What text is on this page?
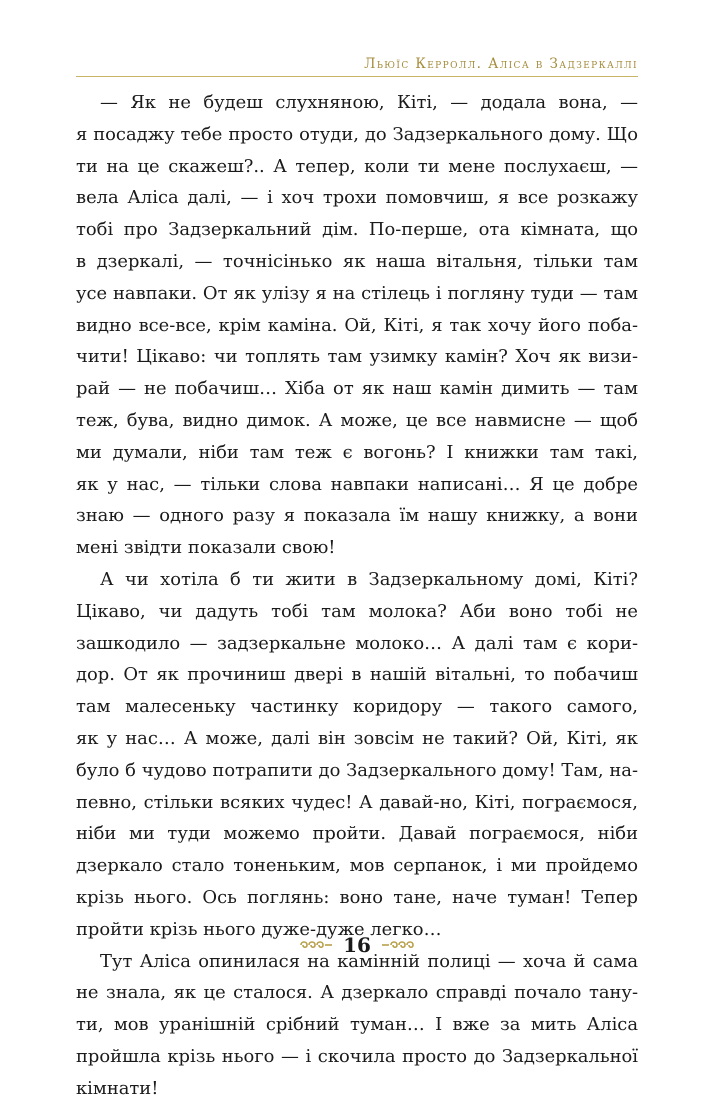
Льюїс Керролл. Аліса в Задзеркаллі
— Як не будеш слухняною, Кіті, — додала вона, —
я посаджу тебе просто отуди, до Задзеркального дому. Що
ти на це скажеш?.. А тепер, коли ти мене послухаєш, —
вела Аліса далі, — і хоч трохи помовчиш, я все розкажу
тобі про Задзеркальний дім. По-перше, ота кімната, що
в дзеркалі, — точнісінько як наша вітальня, тільки там
усе навпаки. От як улізу я на стілець і погляну туди — там
видно все-все, крім каміна. Ой, Кіті, я так хочу його поба-
чити! Цікаво: чи топлять там узимку камін? Хоч як визи-
рай — не побачиш… Хіба от як наш камін димить — там
теж, бува, видно димок. А може, це все навмисне — щоб
ми думали, ніби там теж є вогонь? І книжки там такі,
як у нас, — тільки слова навпаки написані… Я це добре
знаю — одного разу я показала їм нашу книжку, а вони
мені звідти показали свою!
А чи хотіла б ти жити в Задзеркальному домі, Кіті?
Цікаво, чи дадуть тобі там молока? Аби воно тобі не
зашкодило — задзеркальне молоко… А далі там є кори-
дор. От як прочиниш двері в нашій вітальні, то побачиш
там малесеньку частинку коридору — такого самого,
як у нас… А може, далі він зовсім не такий? Ой, Кіті, як
було б чудово потрапити до Задзеркального дому! Там, на-
певно, стільки всяких чудес! А давай-но, Кіті, пограємося,
ніби ми туди можемо пройти. Давай пограємося, ніби
дзеркало стало тоненьким, мов серпанок, і ми пройдемо
крізь нього. Ось поглянь: воно тане, наче туман! Тепер
пройти крізь нього дуже-дуже легко…
Тут Аліса опинилася на камінній полиці — хоча й сама
не знала, як це сталося. А дзеркало справді почало тану-
ти, мов уранішній срібний туман… І вже за мить Аліса
пройшла крізь нього — і скочила просто до Задзеркальної
кімнати!
16
